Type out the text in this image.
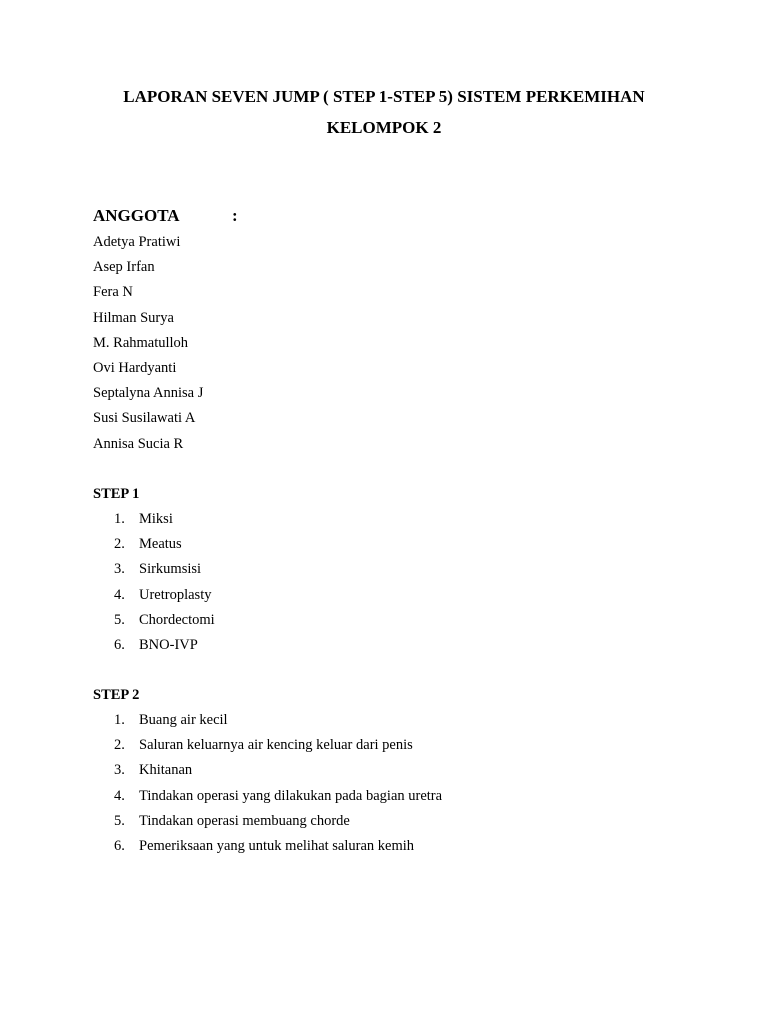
LAPORAN SEVEN JUMP ( STEP 1-STEP 5) SISTEM PERKEMIHAN
KELOMPOK 2
ANGGOTA	:
Adetya Pratiwi
Asep Irfan
Fera N
Hilman Surya
M. Rahmatulloh
Ovi Hardyanti
Septalyna Annisa J
Susi Susilawati A
Annisa Sucia R
STEP 1
1. Miksi
2. Meatus
3. Sirkumsisi
4. Uretroplasty
5. Chordectomi
6. BNO-IVP
STEP 2
1. Buang air kecil
2. Saluran keluarnya air kencing keluar dari penis
3. Khitanan
4. Tindakan operasi yang dilakukan pada bagian uretra
5. Tindakan operasi membuang chorde
6. Pemeriksaan yang untuk melihat saluran kemih
